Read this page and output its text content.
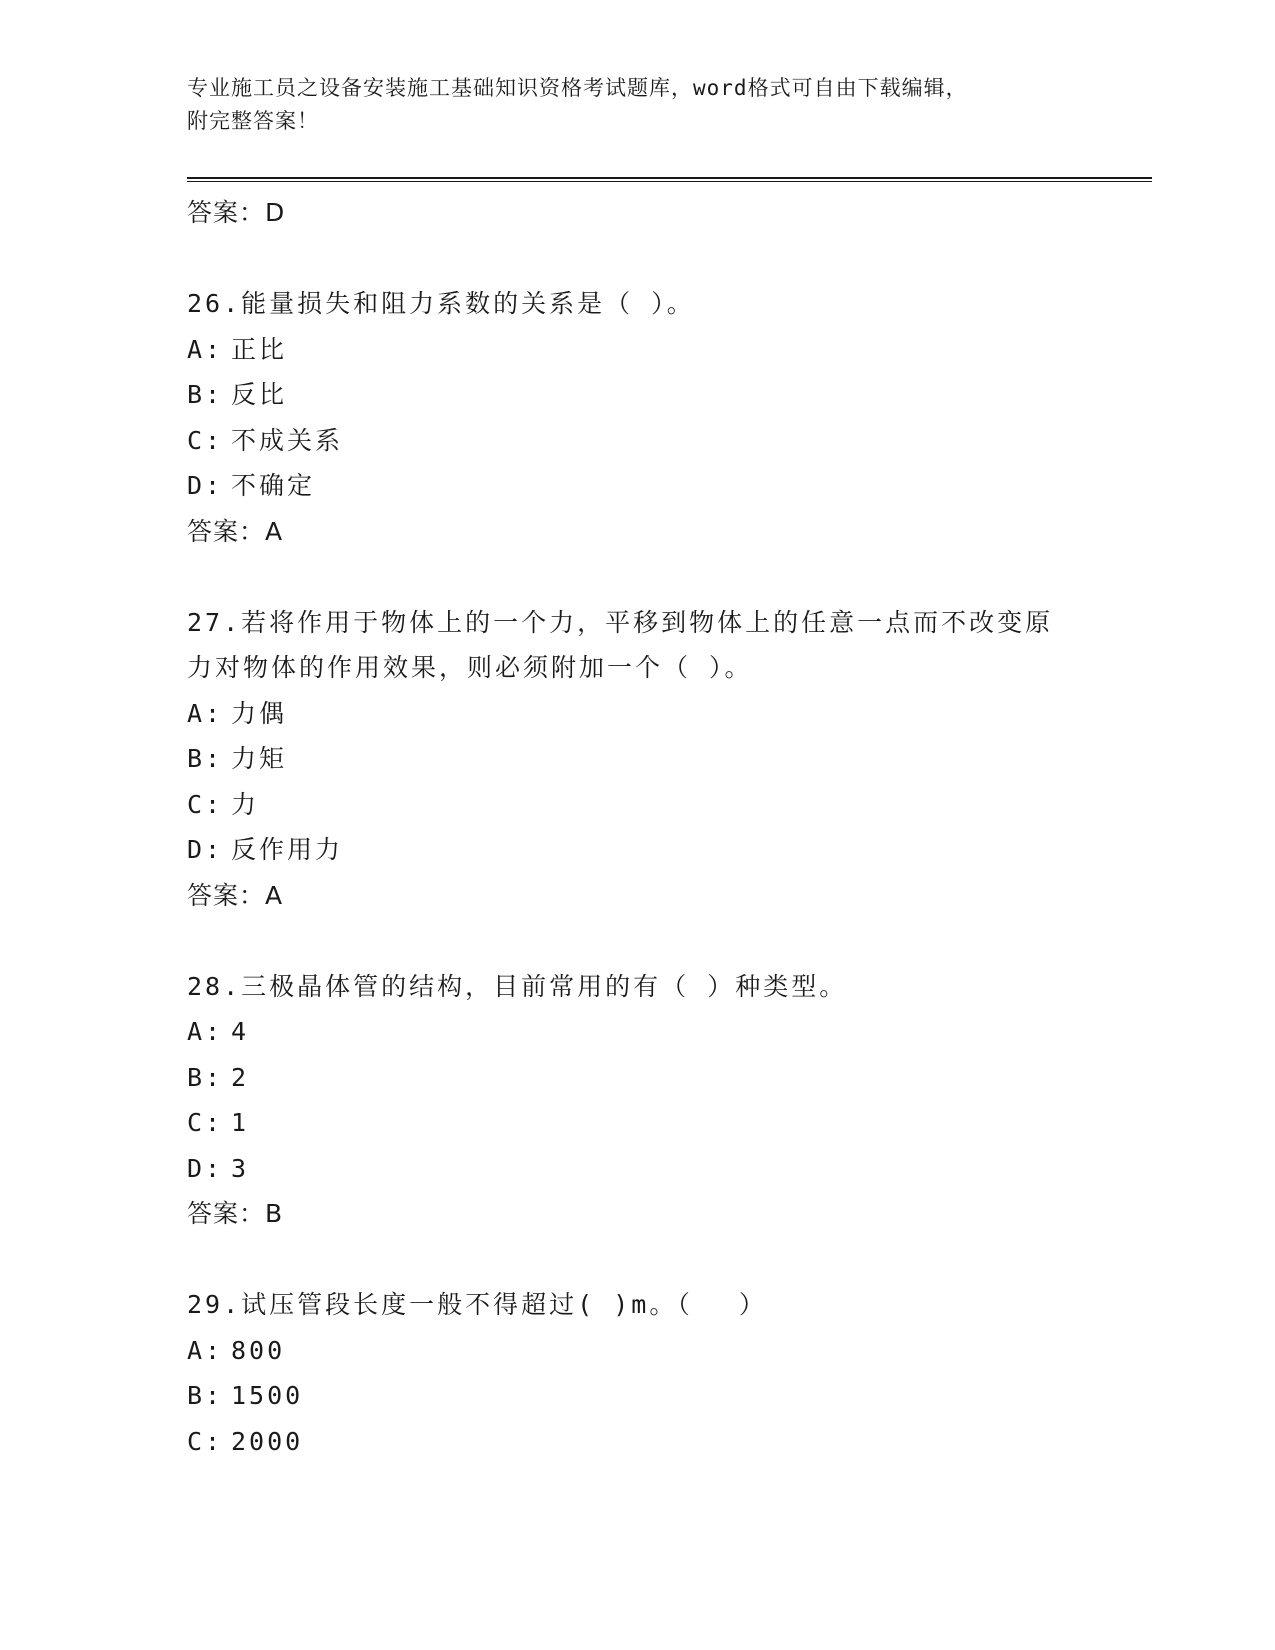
专业施工员之设备安装施工基础知识资格考试题库，word格式可自由下载编辑，
附完整答案！
答案：D
26.能量损失和阻力系数的关系是（ ）。
A: 正比
B: 反比
C: 不成关系
D: 不确定
答案：A
27.若将作用于物体上的一个力，平移到物体上的任意一点而不改变原
力对物体的作用效果，则必须附加一个（ ）。
A: 力偶
B: 力矩
C: 力
D: 反作用力
答案：A
28.三极晶体管的结构，目前常用的有（ ）种类型。
A: 4
B: 2
C: 1
D: 3
答案：B
29.试压管段长度一般不得超过( )m。（　 ）
A: 800
B: 1500
C: 2000
